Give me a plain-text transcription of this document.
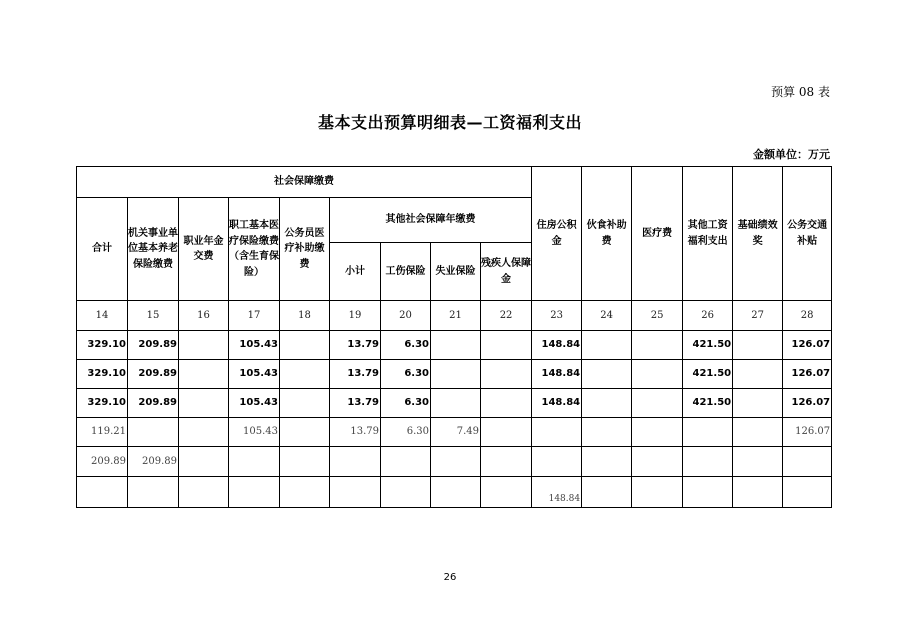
预算 08 表
基本支出预算明细表—工资福利支出
金额单位：万元
社会保障缴费									住房公积金	伙食补助费	医疗费	其他工资福利支出	基础绩效奖	公务交通补贴
合计	机关事业单位基本养老保险缴费	职业年金交费	职工基本医疗保险缴费（含生育保险）	公务员医疗补助缴费	其他社会保障年缴费									
					小计	工伤保险	失业保险	残疾人保障金						
14	15	16	17	18	19	20	21	22	23	24	25	26	27	28
329.10	209.89		105.43		13.79	6.30			148.84			421.50		126.07
329.10	209.89		105.43		13.79	6.30			148.84			421.50		126.07
329.10	209.89		105.43		13.79	6.30			148.84			421.50		126.07
119.21			105.43		13.79	6.30	7.49							126.07
209.89	209.89													
									148.84					
26
